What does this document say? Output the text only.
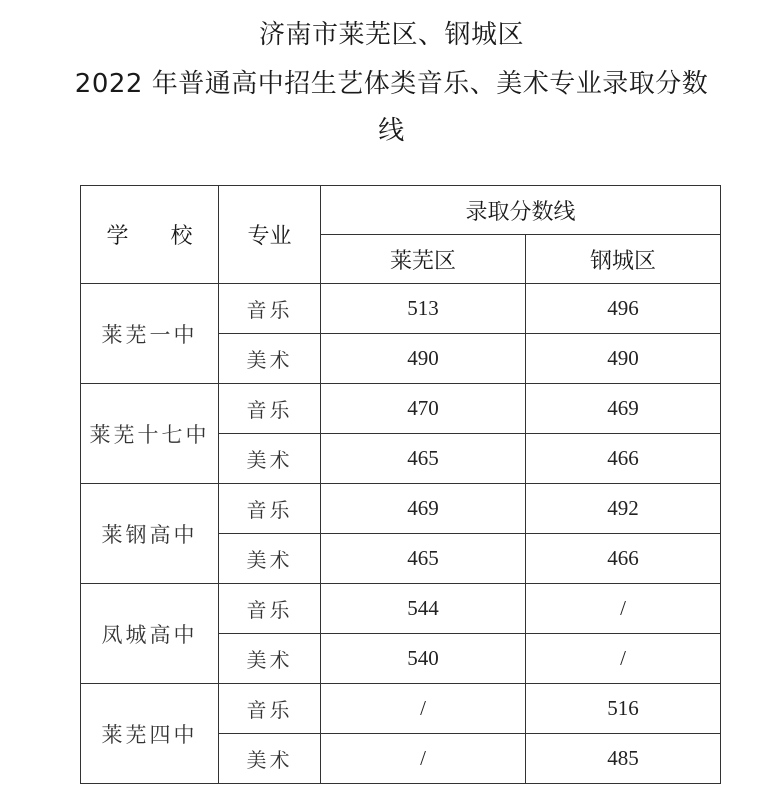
济南市莱芜区、钢城区
2022 年普通高中招生艺体类音乐、美术专业录取分数
线
学 校	专业	录取分数线	
		莱芜区	钢城区
莱芜一中	音乐	513	496
	美术	490	490
莱芜十七中	音乐	470	469
	美术	465	466
莱钢高中	音乐	469	492
	美术	465	466
凤城高中	音乐	544	/
	美术	540	/
莱芜四中	音乐	/	516
	美术	/	485
